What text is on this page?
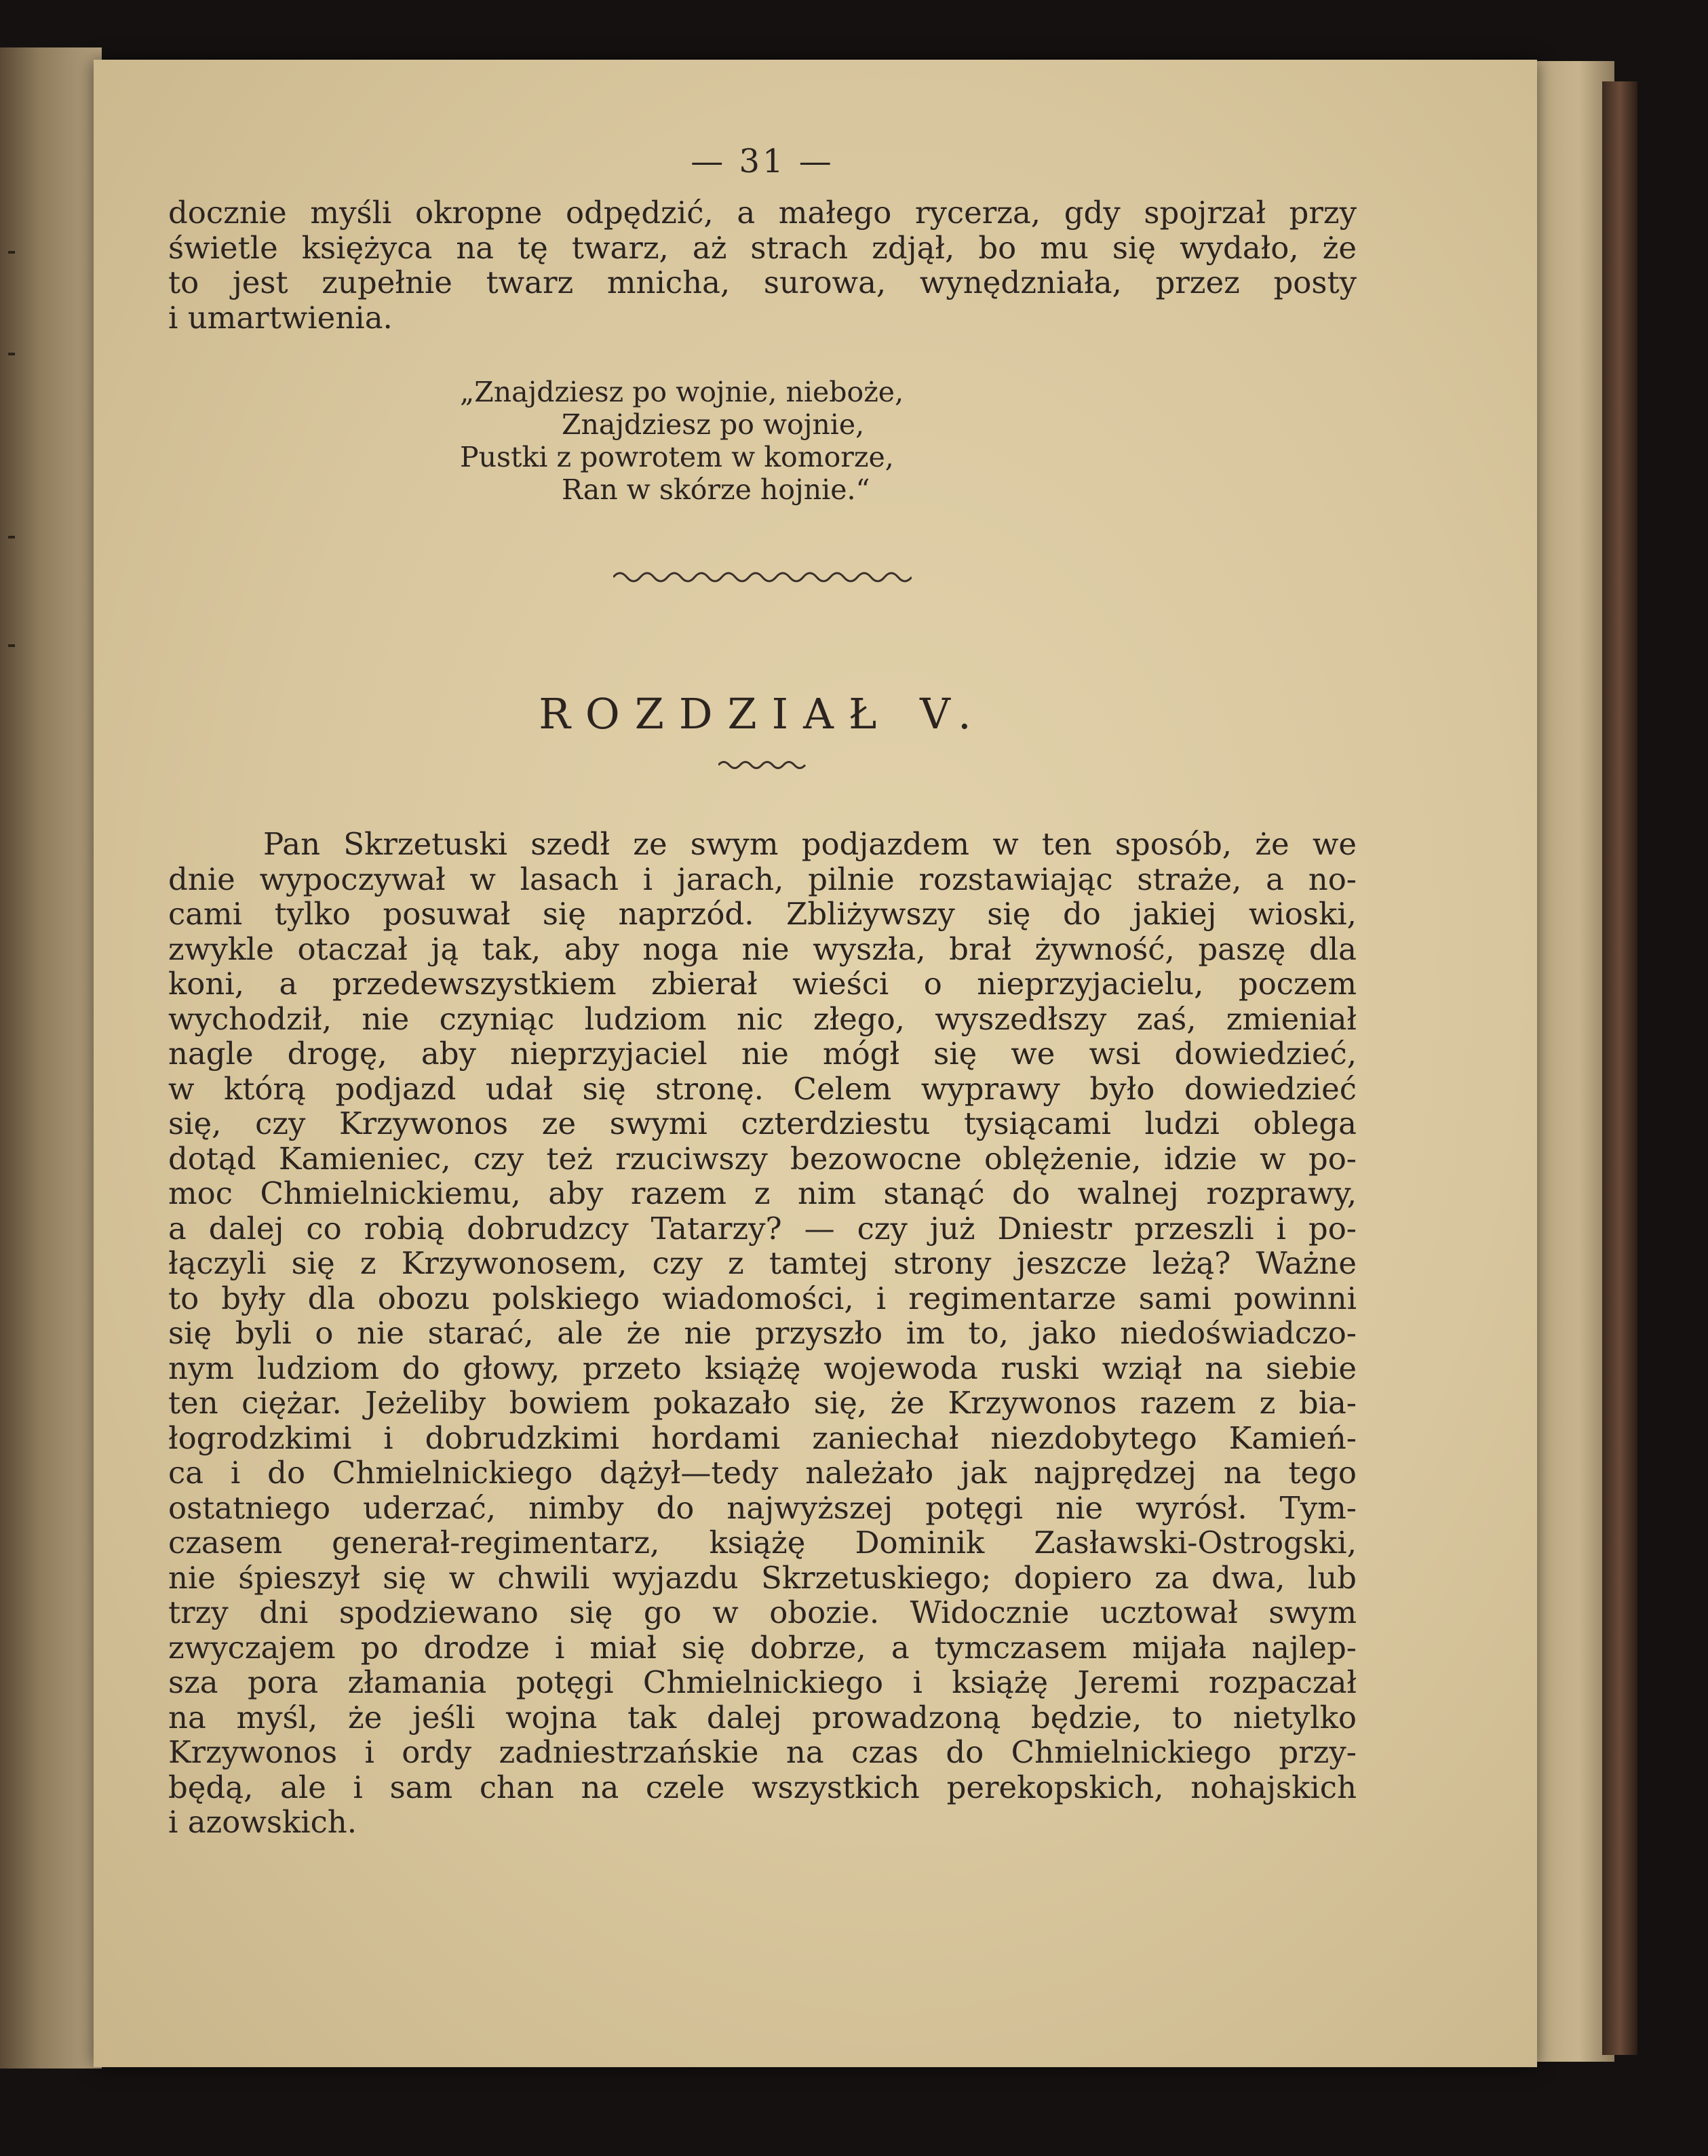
— 31 —

docznie myśli okropne odpędzić, a małego rycerza, gdy spojrzał przy
świetle księżyca na tę twarz, aż strach zdjął, bo mu się wydało, że
to jest zupełnie twarz mnicha, surowa, wynędzniała, przez posty
i umartwienia.

„Znajdziesz po wojnie, nieboże,
Znajdziesz po wojnie,
Pustki z powrotem w komorze,
Ran w skórze hojnie.“
ROZDZIAŁ V.

Pan Skrzetuski szedł ze swym podjazdem w ten sposób, że we
dnie wypoczywał w lasach i jarach, pilnie rozstawiając straże, a no-
cami tylko posuwał się naprzód. Zbliżywszy się do jakiej wioski,
zwykle otaczał ją tak, aby noga nie wyszła, brał żywność, paszę dla
koni, a przedewszystkiem zbierał wieści o nieprzyjacielu, poczem
wychodził, nie czyniąc ludziom nic złego, wyszedłszy zaś, zmieniał
nagle drogę, aby nieprzyjaciel nie mógł się we wsi dowiedzieć,
w którą podjazd udał się stronę. Celem wyprawy było dowiedzieć
się, czy Krzywonos ze swymi czterdziestu tysiącami ludzi oblega
dotąd Kamieniec, czy też rzuciwszy bezowocne oblężenie, idzie w po-
moc Chmielnickiemu, aby razem z nim stanąć do walnej rozprawy,
a dalej co robią dobrudzcy Tatarzy? — czy już Dniestr przeszli i po-
łączyli się z Krzywonosem, czy z tamtej strony jeszcze leżą? Ważne
to były dla obozu polskiego wiadomości, i regimentarze sami powinni
się byli o nie starać, ale że nie przyszło im to, jako niedoświadczo-
nym ludziom do głowy, przeto książę wojewoda ruski wziął na siebie
ten ciężar. Jeżeliby bowiem pokazało się, że Krzywonos razem z bia-
łogrodzkimi i dobrudzkimi hordami zaniechał niezdobytego Kamień-
ca i do Chmielnickiego dążył—tedy należało jak najprędzej na tego
ostatniego uderzać, nimby do najwyższej potęgi nie wyrósł. Tym-
czasem generał-regimentarz, książę Dominik Zasławski-Ostrogski,
nie śpieszył się w chwili wyjazdu Skrzetuskiego; dopiero za dwa, lub
trzy dni spodziewano się go w obozie. Widocznie ucztował swym
zwyczajem po drodze i miał się dobrze, a tymczasem mijała najlep-
sza pora złamania potęgi Chmielnickiego i książę Jeremi rozpaczał
na myśl, że jeśli wojna tak dalej prowadzoną będzie, to nietylko
Krzywonos i ordy zadniestrzańskie na czas do Chmielnickiego przy-
będą, ale i sam chan na czele wszystkich perekopskich, nohajskich
i azowskich.
